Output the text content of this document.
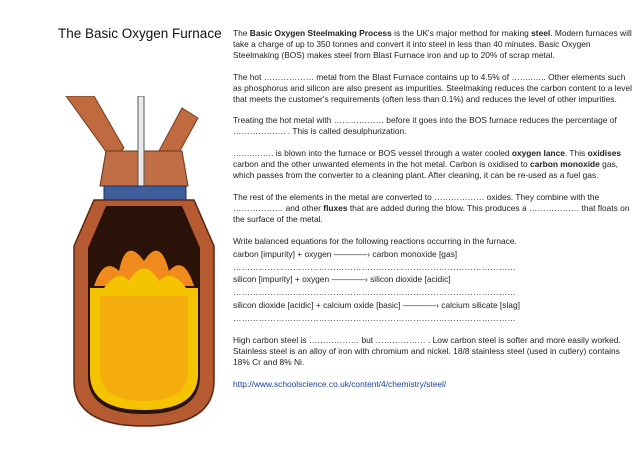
The Basic Oxygen Furnace The Basic Oxygen Steelmaking Process is the UK's major method for making steel. Modern furnaces will take a charge of up to 350 tonnes and convert it into steel in less than 40 minutes. Basic Oxygen Steelmaking (BOS) makes steel from Blast Furnace iron and up to 20% of scrap metal.

The hot ……………… metal from the Blast Furnace contains up to 4.5% of ……..….. Other elements such as phosphorus and silicon are also present as impurities. Steelmaking reduces the carbon content to a level that meets the customer's requirements (often less than 0.1%) and reduces the level of other impurities.

Treating the hot metal with ……………… before it goes into the BOS furnace reduces the percentage of ………………. . This is called desulphurization.

……..……. is blown into the furnace or BOS vessel through a water cooled oxygen lance. This oxidises carbon and the other unwanted elements in the hot metal. Carbon is oxidised to carbon monoxide gas, which passes from the converter to a cleaning plant. After cleaning, it can be re-used as a fuel gas.

The rest of the elements in the metal are converted to ……………… oxides. They combine with the ……………… and other fluxes that are added during the blow. This produces a ……………… that floats on the surface of the metal.

Write balanced equations for the following reactions occurring in the furnace.

carbon [impurity] + oxygen ————› carbon monoxide [gas]

………………………………………………………………………………………

silicon [impurity] + oxygen ————› silicon dioxide [acidic]

………………………………………………………………………………………

silicon dioxide [acidic] + calcium oxide [basic] ————› calcium silicate [slag]

………………………………………………………………………………………

High carbon steel is ……………… but ……………… . Low carbon steel is softer and more easily worked. Stainless steel is an alloy of iron with chromium and nickel. 18/8 stainless steel (used in cutlery) contains 18% Cr and 8% Ni.

http://www.schoolscience.co.uk/content/4/chemistry/steel/
